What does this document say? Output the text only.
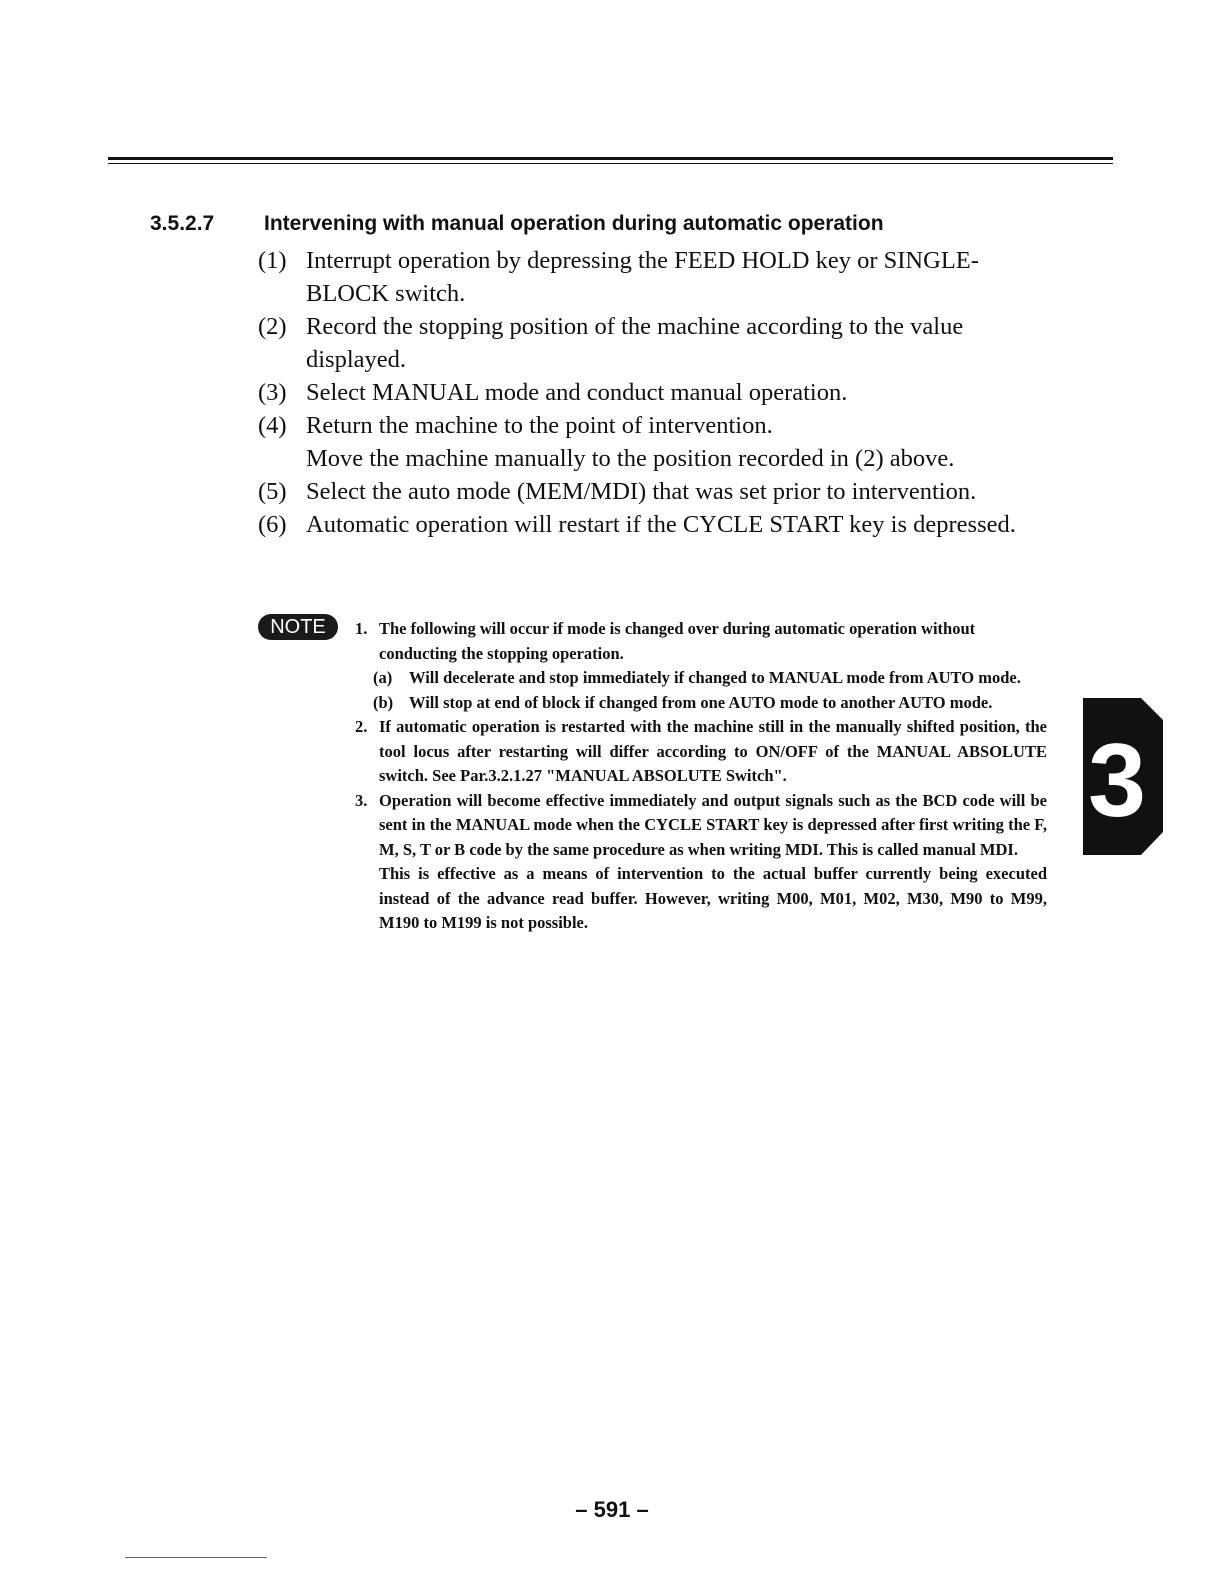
3.5.2.7 Intervening with manual operation during automatic operation
(1) Interrupt operation by depressing the FEED HOLD key or SINGLE-BLOCK switch.
(2) Record the stopping position of the machine according to the value displayed.
(3) Select MANUAL mode and conduct manual operation.
(4) Return the machine to the point of intervention.
Move the machine manually to the position recorded in (2) above.
(5) Select the auto mode (MEM/MDI) that was set prior to intervention.
(6) Automatic operation will restart if the CYCLE START key is depressed.
NOTE	1. The following will occur if mode is changed over during automatic operation without conducting the stopping operation.
(a) Will decelerate and stop immediately if changed to MANUAL mode from AUTO mode.
(b) Will stop at end of block if changed from one AUTO mode to another AUTO mode.
2. If automatic operation is restarted with the machine still in the manually shifted position, the tool locus after restarting will differ according to ON/OFF of the MANUAL ABSOLUTE switch. See Par.3.2.1.27 "MANUAL ABSOLUTE Switch".
3. Operation will become effective immediately and output signals such as the BCD code will be sent in the MANUAL mode when the CYCLE START key is depressed after first writing the F, M, S, T or B code by the same procedure as when writing MDI. This is called manual MDI.
This is effective as a means of intervention to the actual buffer currently being executed instead of the advance read buffer. However, writing M00, M01, M02, M30, M90 to M99, M190 to M199 is not possible.
3
– 591 –
